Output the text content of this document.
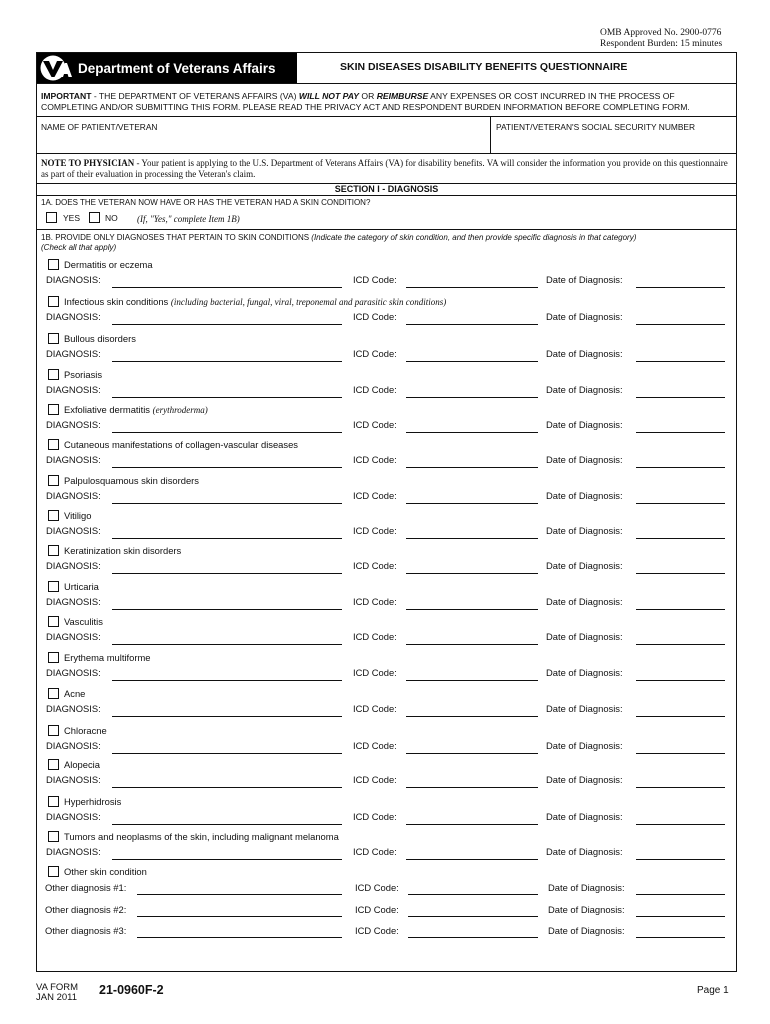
OMB Approved No. 2900-0776
Respondent Burden: 15 minutes
VA
Department of Veterans Affairs	SKIN DISEASES DISABILITY BENEFITS QUESTIONNAIRE
IMPORTANT - THE DEPARTMENT OF VETERANS AFFAIRS (VA) WILL NOT PAY OR REIMBURSE ANY EXPENSES OR COST INCURRED IN THE PROCESS OF COMPLETING AND/OR SUBMITTING THIS FORM. PLEASE READ THE PRIVACY ACT AND RESPONDENT BURDEN INFORMATION BEFORE COMPLETING FORM.
NAME OF PATIENT/VETERAN	PATIENT/VETERAN'S SOCIAL SECURITY NUMBER
NOTE TO PHYSICIAN - Your patient is applying to the U.S. Department of Veterans Affairs (VA) for disability benefits. VA will consider the information you provide on this questionnaire as part of their evaluation in processing the Veteran's claim.
SECTION I - DIAGNOSIS
1A. DOES THE VETERAN NOW HAVE OR HAS THE VETERAN HAD A SKIN CONDITION?
YES	NO (If, "Yes," complete Item 1B)
1B. PROVIDE ONLY DIAGNOSES THAT PERTAIN TO SKIN CONDITIONS (Indicate the category of skin condition, and then provide specific diagnosis in that category)
(Check all that apply)
Dermatitis or eczema
DIAGNOSIS:	ICD Code:	Date of Diagnosis:
Infectious skin conditions (including bacterial, fungal, viral, treponemal and parasitic skin conditions)
DIAGNOSIS:	ICD Code:	Date of Diagnosis:
Bullous disorders
DIAGNOSIS:	ICD Code:	Date of Diagnosis:
Psoriasis
DIAGNOSIS:	ICD Code:	Date of Diagnosis:
Exfoliative dermatitis (erythroderma)
DIAGNOSIS:	ICD Code:	Date of Diagnosis:
Cutaneous manifestations of collagen-vascular diseases
DIAGNOSIS:	ICD Code:	Date of Diagnosis:
Palpulosquamous skin disorders
DIAGNOSIS:	ICD Code:	Date of Diagnosis:
Vitiligo
DIAGNOSIS:	ICD Code:	Date of Diagnosis:
Keratinization skin disorders
DIAGNOSIS:	ICD Code:	Date of Diagnosis:
Urticaria
DIAGNOSIS:	ICD Code:	Date of Diagnosis:
Vasculitis
DIAGNOSIS:	ICD Code:	Date of Diagnosis:
Erythema multiforme
DIAGNOSIS:	ICD Code:	Date of Diagnosis:
Acne
DIAGNOSIS:	ICD Code:	Date of Diagnosis:
Chloracne
DIAGNOSIS:	ICD Code:	Date of Diagnosis:
Alopecia
DIAGNOSIS:	ICD Code:	Date of Diagnosis:
Hyperhidrosis
DIAGNOSIS:	ICD Code:	Date of Diagnosis:
Tumors and neoplasms of the skin, including malignant melanoma
DIAGNOSIS:	ICD Code:	Date of Diagnosis:
Other skin condition
Other diagnosis #1:	ICD Code:	Date of Diagnosis:
Other diagnosis #2:	ICD Code:	Date of Diagnosis:
Other diagnosis #3:	ICD Code:	Date of Diagnosis:
VA FORM
JAN 2011
21-0960F-2	Page 1
